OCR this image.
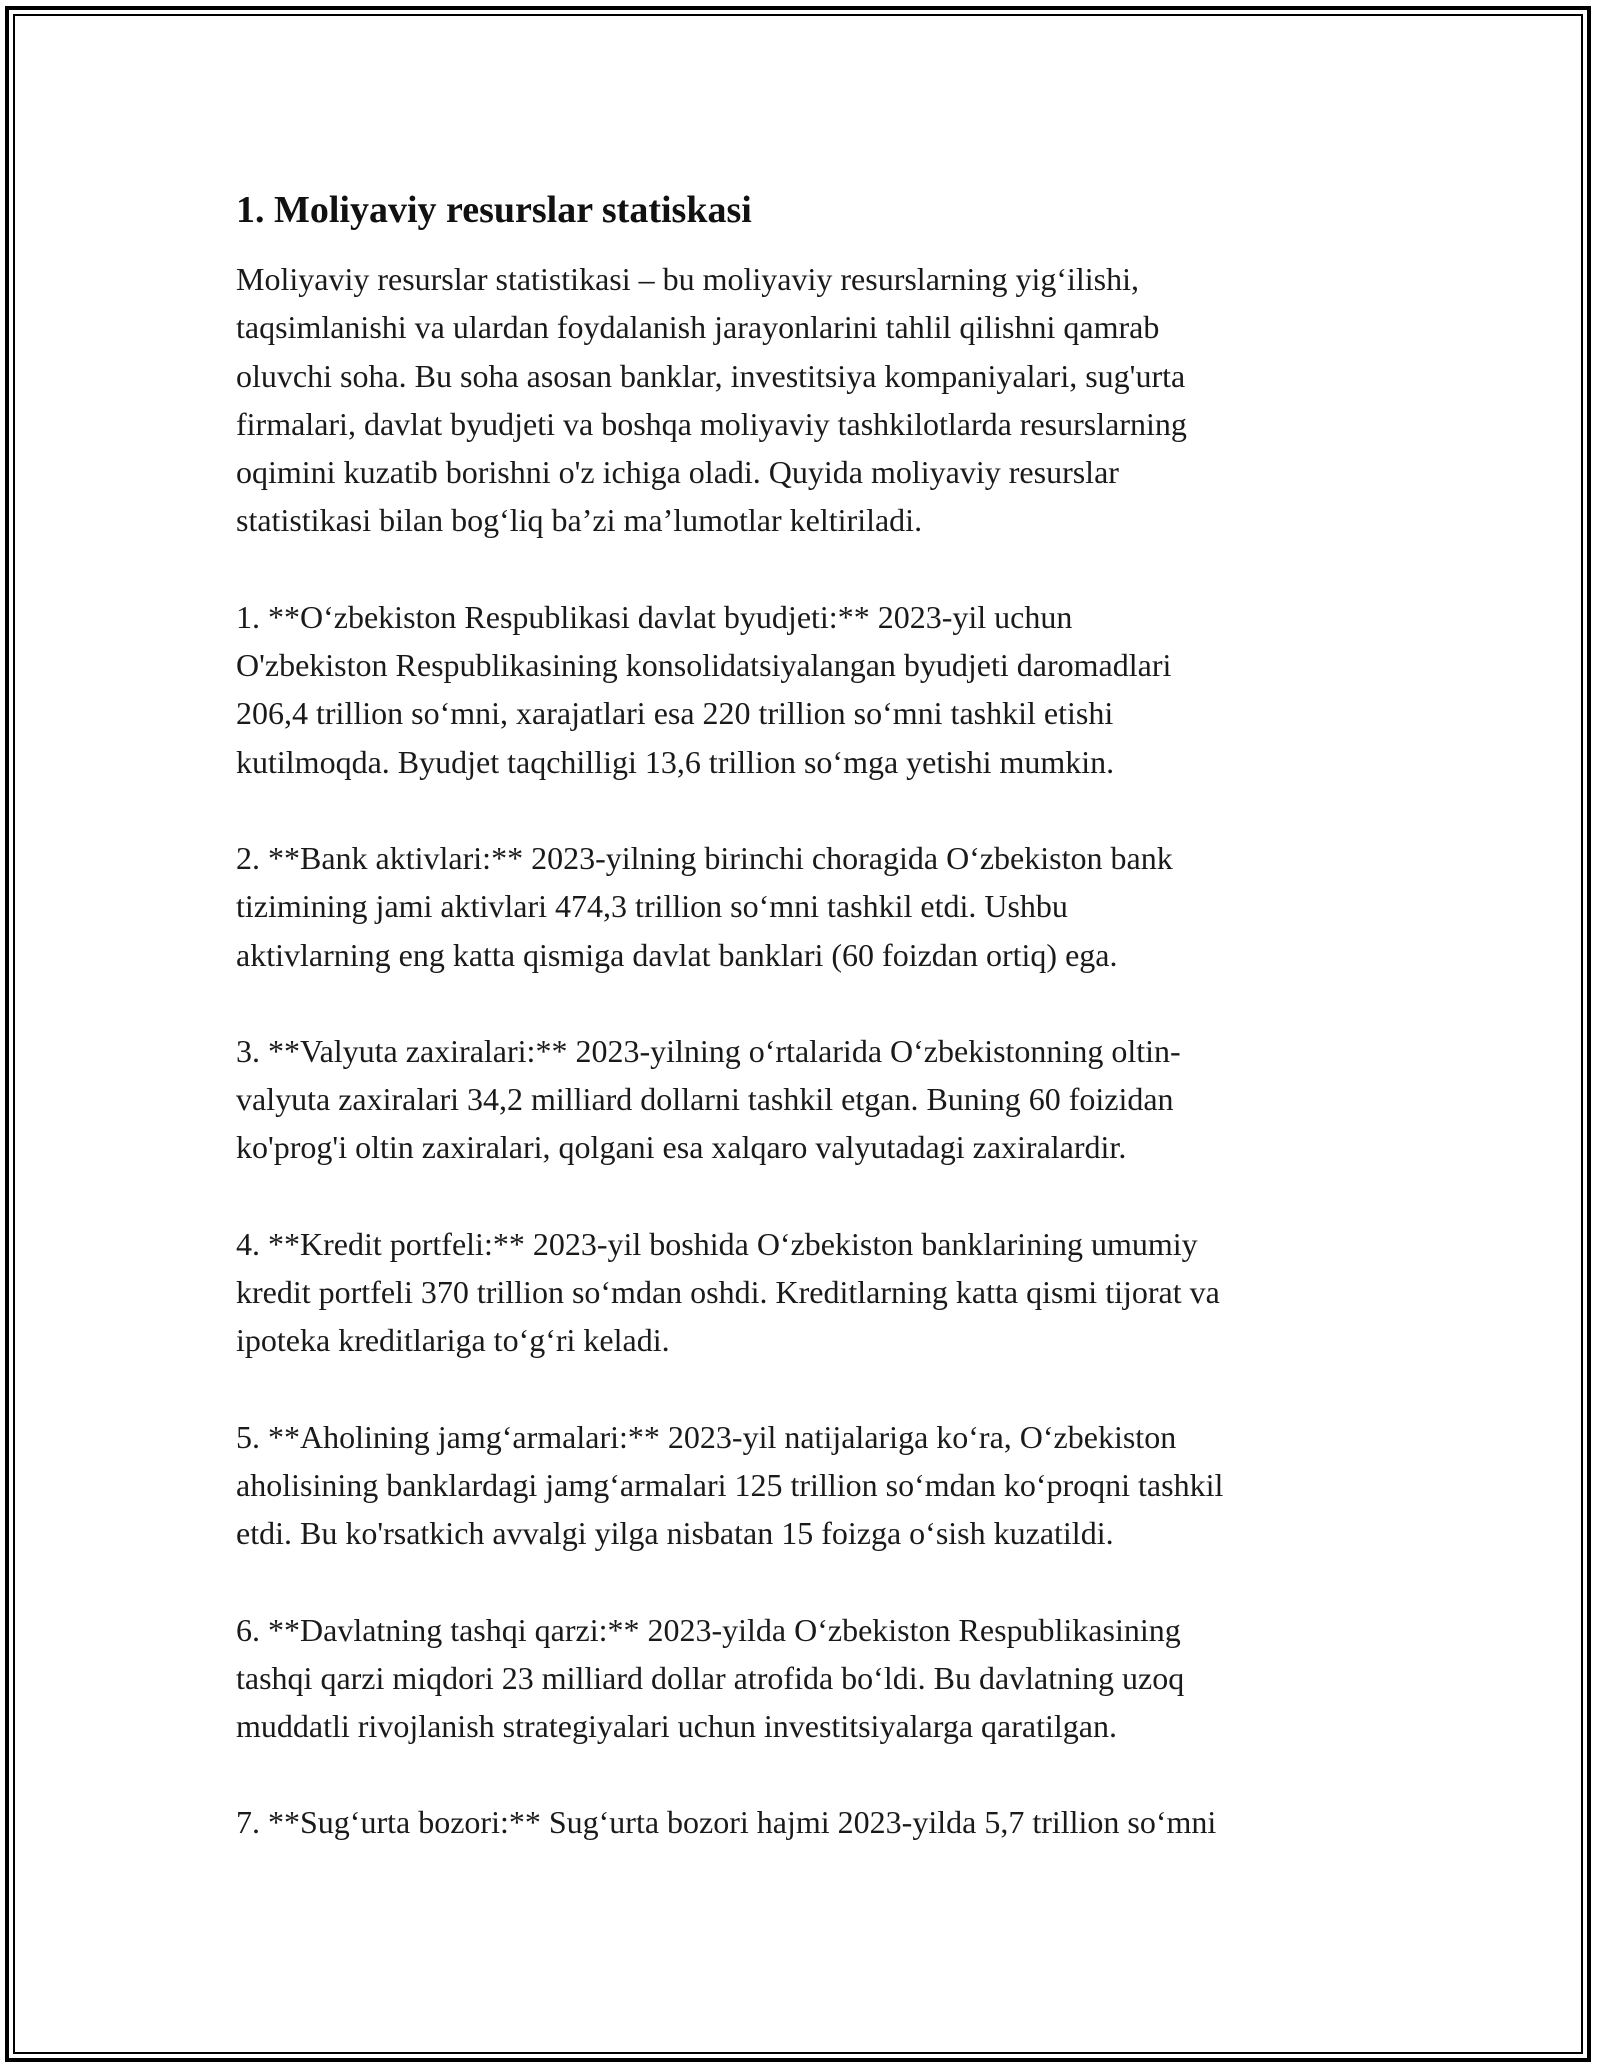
1. Moliyaviy resurslar statiskasi

Moliyaviy resurslar statistikasi – bu moliyaviy resurslarning yig‘ilishi,
taqsimlanishi va ulardan foydalanish jarayonlarini tahlil qilishni qamrab
oluvchi soha. Bu soha asosan banklar, investitsiya kompaniyalari, sug'urta
firmalari, davlat byudjeti va boshqa moliyaviy tashkilotlarda resurslarning
oqimini kuzatib borishni o'z ichiga oladi. Quyida moliyaviy resurslar
statistikasi bilan bog‘liq ba’zi ma’lumotlar keltiriladi.

1. **O‘zbekiston Respublikasi davlat byudjeti:** 2023-yil uchun
O'zbekiston Respublikasining konsolidatsiyalangan byudjeti daromadlari
206,4 trillion so‘mni, xarajatlari esa 220 trillion so‘mni tashkil etishi
kutilmoqda. Byudjet taqchilligi 13,6 trillion so‘mga yetishi mumkin.

2. **Bank aktivlari:** 2023-yilning birinchi choragida O‘zbekiston bank
tizimining jami aktivlari 474,3 trillion so‘mni tashkil etdi. Ushbu
aktivlarning eng katta qismiga davlat banklari (60 foizdan ortiq) ega.

3. **Valyuta zaxiralari:** 2023-yilning o‘rtalarida O‘zbekistonning oltin-
valyuta zaxiralari 34,2 milliard dollarni tashkil etgan. Buning 60 foizidan
ko'prog'i oltin zaxiralari, qolgani esa xalqaro valyutadagi zaxiralardir.

4. **Kredit portfeli:** 2023-yil boshida O‘zbekiston banklarining umumiy
kredit portfeli 370 trillion so‘mdan oshdi. Kreditlarning katta qismi tijorat va
ipoteka kreditlariga to‘g‘ri keladi.

5. **Aholining jamg‘armalari:** 2023-yil natijalariga ko‘ra, O‘zbekiston
aholisining banklardagi jamg‘armalari 125 trillion so‘mdan ko‘proqni tashkil
etdi. Bu ko'rsatkich avvalgi yilga nisbatan 15 foizga o‘sish kuzatildi.

6. **Davlatning tashqi qarzi:** 2023-yilda O‘zbekiston Respublikasining
tashqi qarzi miqdori 23 milliard dollar atrofida bo‘ldi. Bu davlatning uzoq
muddatli rivojlanish strategiyalari uchun investitsiyalarga qaratilgan.

7. **Sug‘urta bozori:** Sug‘urta bozori hajmi 2023-yilda 5,7 trillion so‘mni
